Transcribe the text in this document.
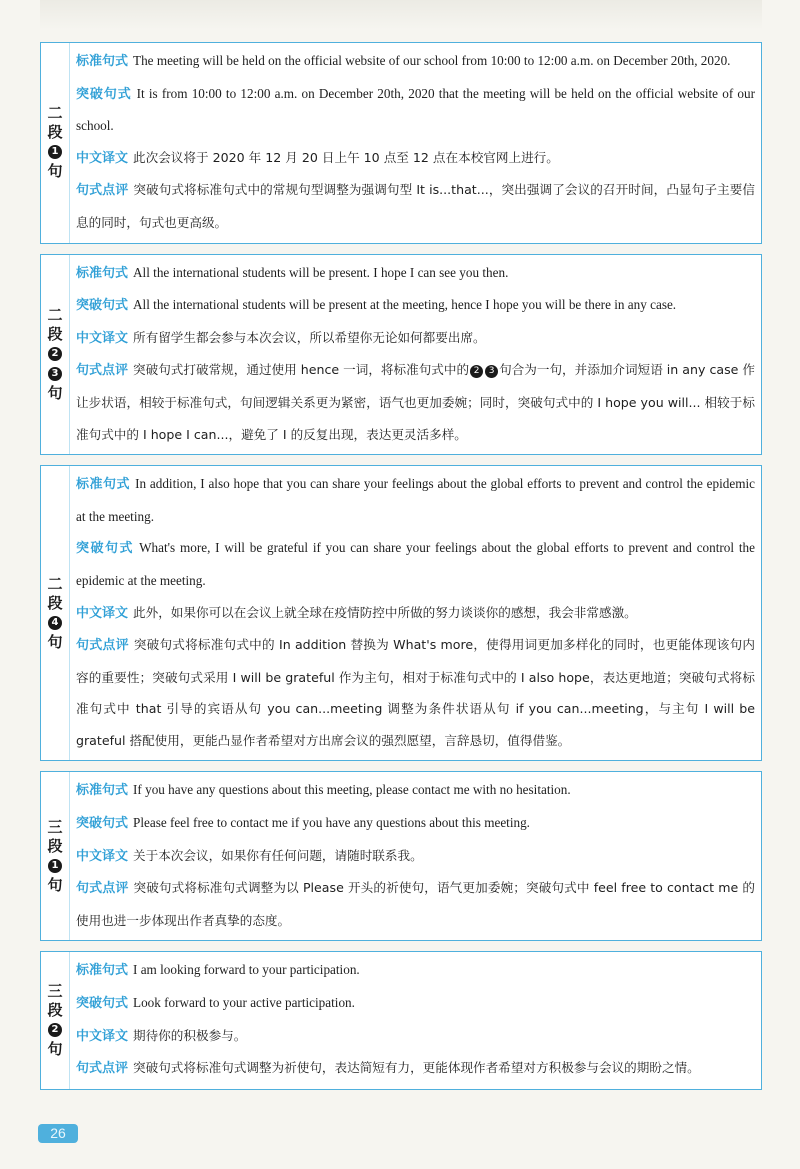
二
段
1
句

标准句式 The meeting will be held on the official website of our school from 10:00 to 12:00 a.m. on December 20th, 2020.

突破句式 It is from 10:00 to 12:00 a.m. on December 20th, 2020 that the meeting will be held on the official website of our school.

中文译文 此次会议将于 2020 年 12 月 20 日上午 10 点至 12 点在本校官网上进行。

句式点评 突破句式将标准句式中的常规句型调整为强调句型 It is...that...，突出强调了会议的召开时间，凸显句子主要信息的同时，句式也更高级。

二
段
2
3
句

标准句式 All the international students will be present. I hope I can see you then.

突破句式 All the international students will be present at the meeting, hence I hope you will be there in any case.

中文译文 所有留学生都会参与本次会议，所以希望你无论如何都要出席。

句式点评 突破句式打破常规，通过使用 hence 一词，将标准句式中的 2 3 句合为一句，并添加介词短语 in any case 作让步状语，相较于标准句式，句间逻辑关系更为紧密，语气也更加委婉；同时，突破句式中的 I hope you will... 相较于标准句式中的 I hope I can...，避免了 I 的反复出现，表达更灵活多样。

二
段
4
句

标准句式 In addition, I also hope that you can share your feelings about the global efforts to prevent and control the epidemic at the meeting.

突破句式 What's more, I will be grateful if you can share your feelings about the global efforts to prevent and control the epidemic at the meeting.

中文译文 此外，如果你可以在会议上就全球在疫情防控中所做的努力谈谈你的感想，我会非常感激。

句式点评 突破句式将标准句式中的 In addition 替换为 What's more，使得用词更加多样化的同时，也更能体现该句内容的重要性；突破句式采用 I will be grateful 作为主句，相对于标准句式中的 I also hope，表达更地道；突破句式将标准句式中 that 引导的宾语从句 you can...meeting 调整为条件状语从句 if you can...meeting，与主句 I will be grateful 搭配使用，更能凸显作者希望对方出席会议的强烈愿望，言辞恳切，值得借鉴。

三
段
1
句

标准句式 If you have any questions about this meeting, please contact me with no hesitation.

突破句式 Please feel free to contact me if you have any questions about this meeting.

中文译文 关于本次会议，如果你有任何问题，请随时联系我。

句式点评 突破句式将标准句式调整为以 Please 开头的祈使句，语气更加委婉；突破句式中 feel free to contact me 的使用也进一步体现出作者真挚的态度。

三
段
2
句

标准句式 I am looking forward to your participation.

突破句式 Look forward to your active participation.

中文译文 期待你的积极参与。

句式点评 突破句式将标准句式调整为祈使句，表达简短有力，更能体现作者希望对方积极参与会议的期盼之情。

26
